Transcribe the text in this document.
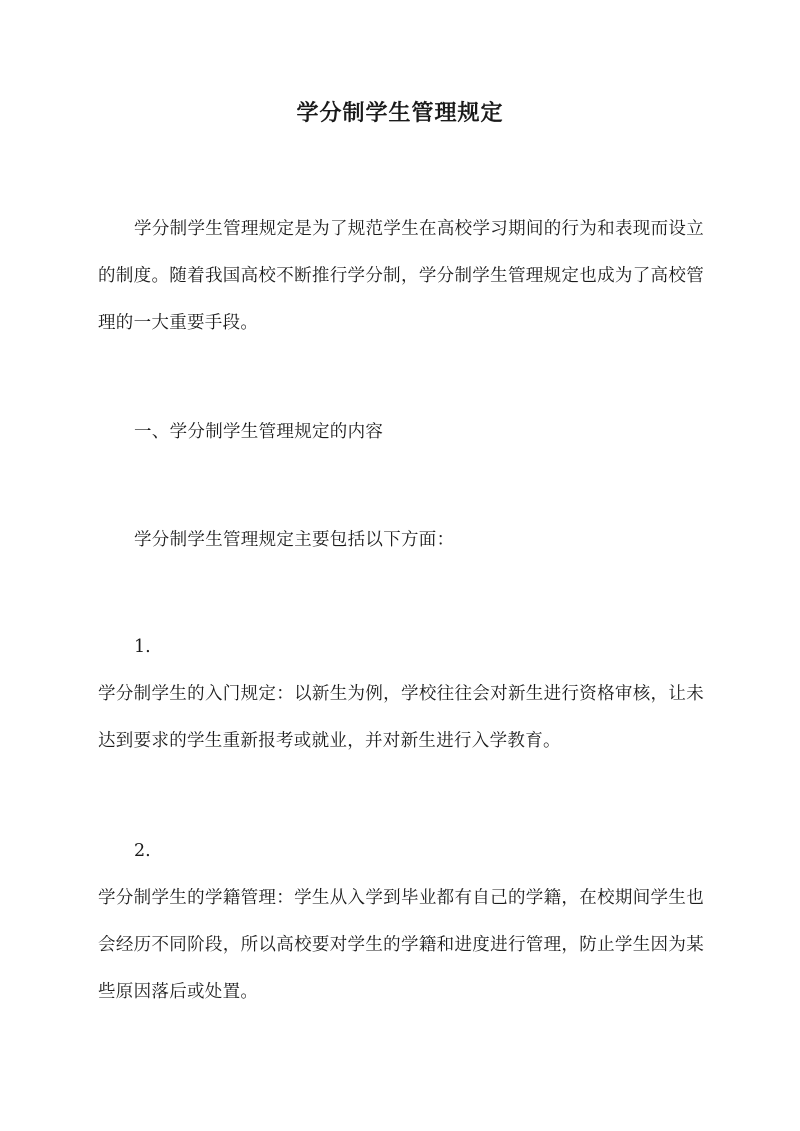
学分制学生管理规定
学分制学生管理规定是为了规范学生在高校学习期间的行为和表现而设立的制度。随着我国高校不断推行学分制，学分制学生管理规定也成为了高校管理的一大重要手段。
一、学分制学生管理规定的内容
学分制学生管理规定主要包括以下方面：
1.
学分制学生的入门规定：以新生为例，学校往往会对新生进行资格审核，让未达到要求的学生重新报考或就业，并对新生进行入学教育。
2.
学分制学生的学籍管理：学生从入学到毕业都有自己的学籍，在校期间学生也会经历不同阶段，所以高校要对学生的学籍和进度进行管理，防止学生因为某些原因落后或处置。
